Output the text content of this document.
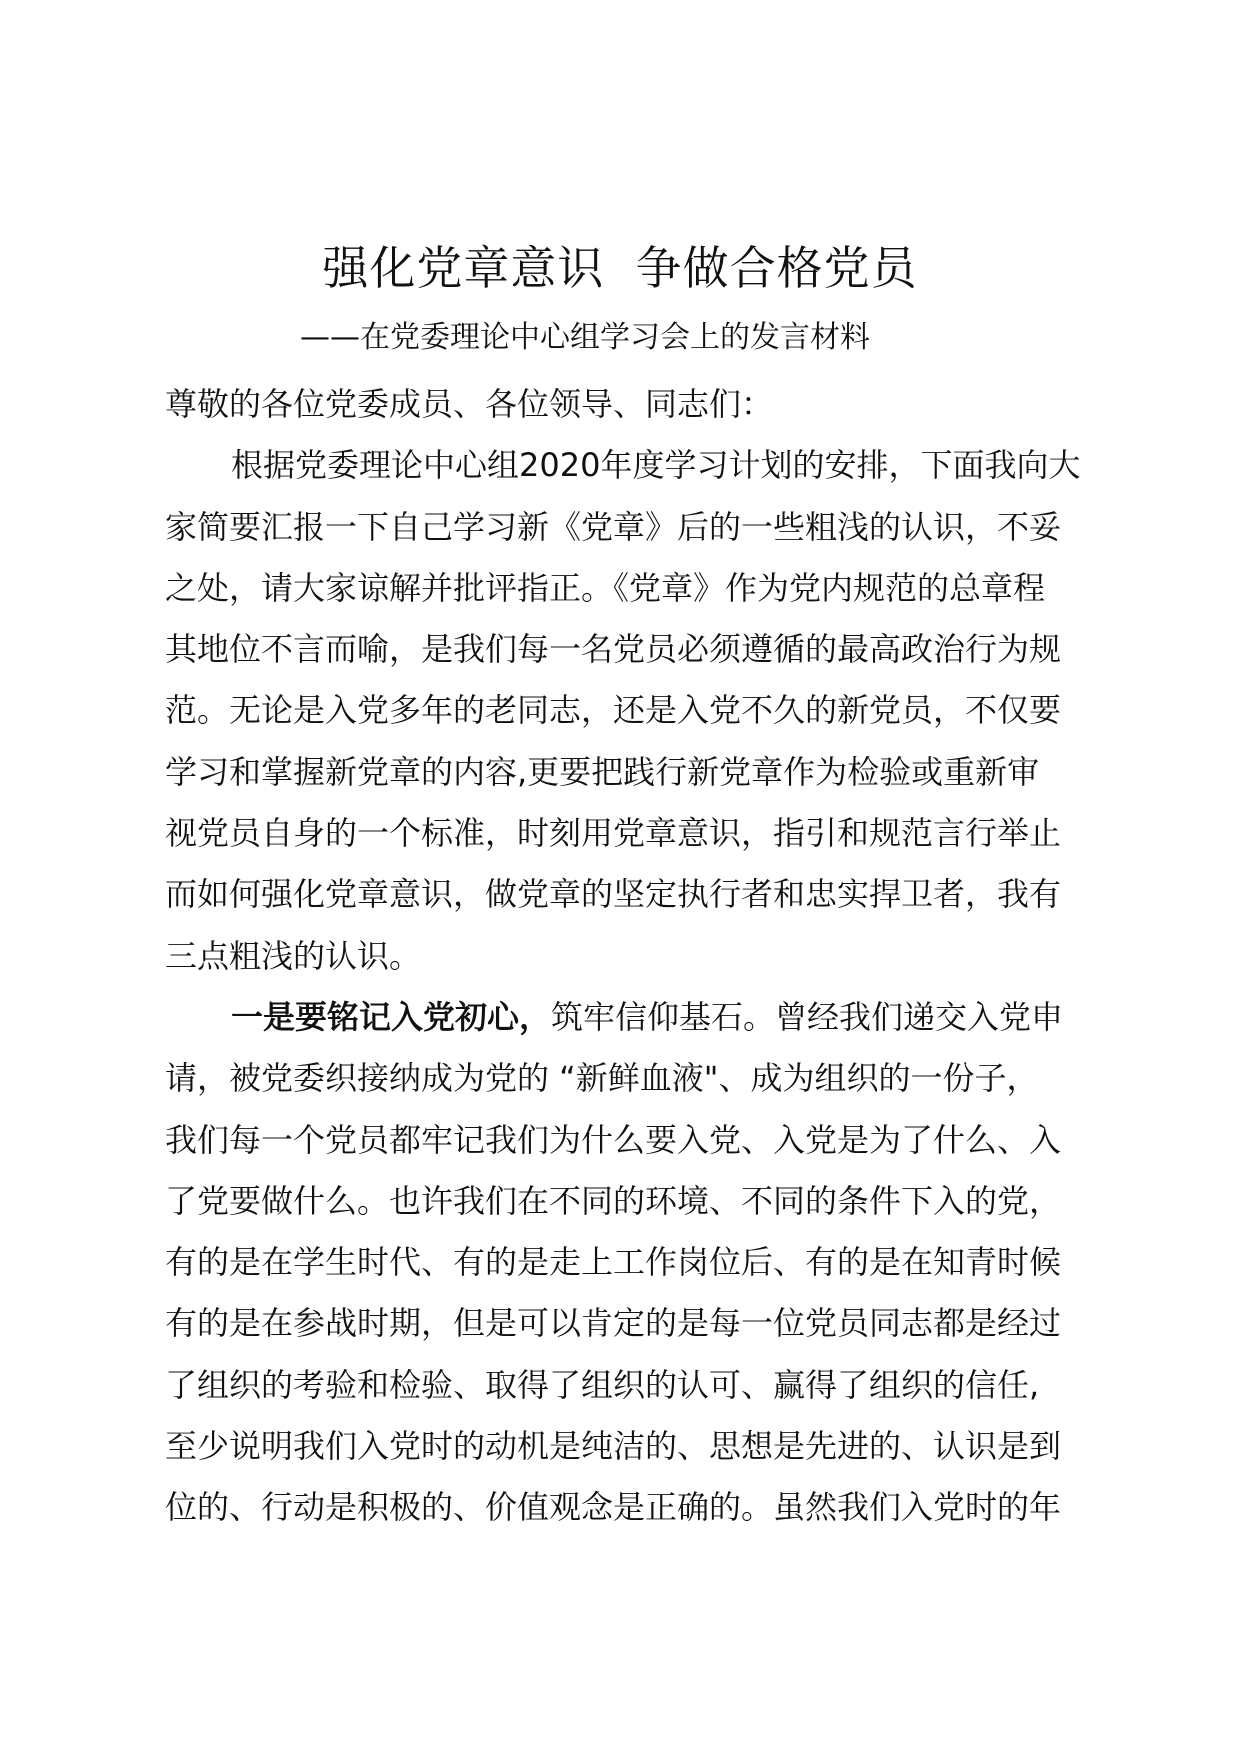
强化党章意识  争做合格党员
——在党委理论中心组学习会上的发言材料
尊敬的各位党委成员、各位领导、同志们：
根据党委理论中心组2020年度学习计划的安排，下面我向大
家简要汇报一下自己学习新《党章》后的一些粗浅的认识，不妥
之处，请大家谅解并批评指正。《党章》作为党内规范的总章程
其地位不言而喻，是我们每一名党员必须遵循的最高政治行为规
范。无论是入党多年的老同志，还是入党不久的新党员，不仅要
学习和掌握新党章的内容,更要把践行新党章作为检验或重新审
视党员自身的一个标准，时刻用党章意识，指引和规范言行举止
而如何强化党章意识，做党章的坚定执行者和忠实捍卫者，我有
三点粗浅的认识。
一是要铭记入党初心，筑牢信仰基石。曾经我们递交入党申
请，被党委织接纳成为党的 “新鲜血液"、成为组织的一份子，
我们每一个党员都牢记我们为什么要入党、入党是为了什么、入
了党要做什么。也许我们在不同的环境、不同的条件下入的党，
有的是在学生时代、有的是走上工作岗位后、有的是在知青时候
有的是在参战时期，但是可以肯定的是每一位党员同志都是经过
了组织的考验和检验、取得了组织的认可、赢得了组织的信任,
至少说明我们入党时的动机是纯洁的、思想是先进的、认识是到
位的、行动是积极的、价值观念是正确的。虽然我们入党时的年
